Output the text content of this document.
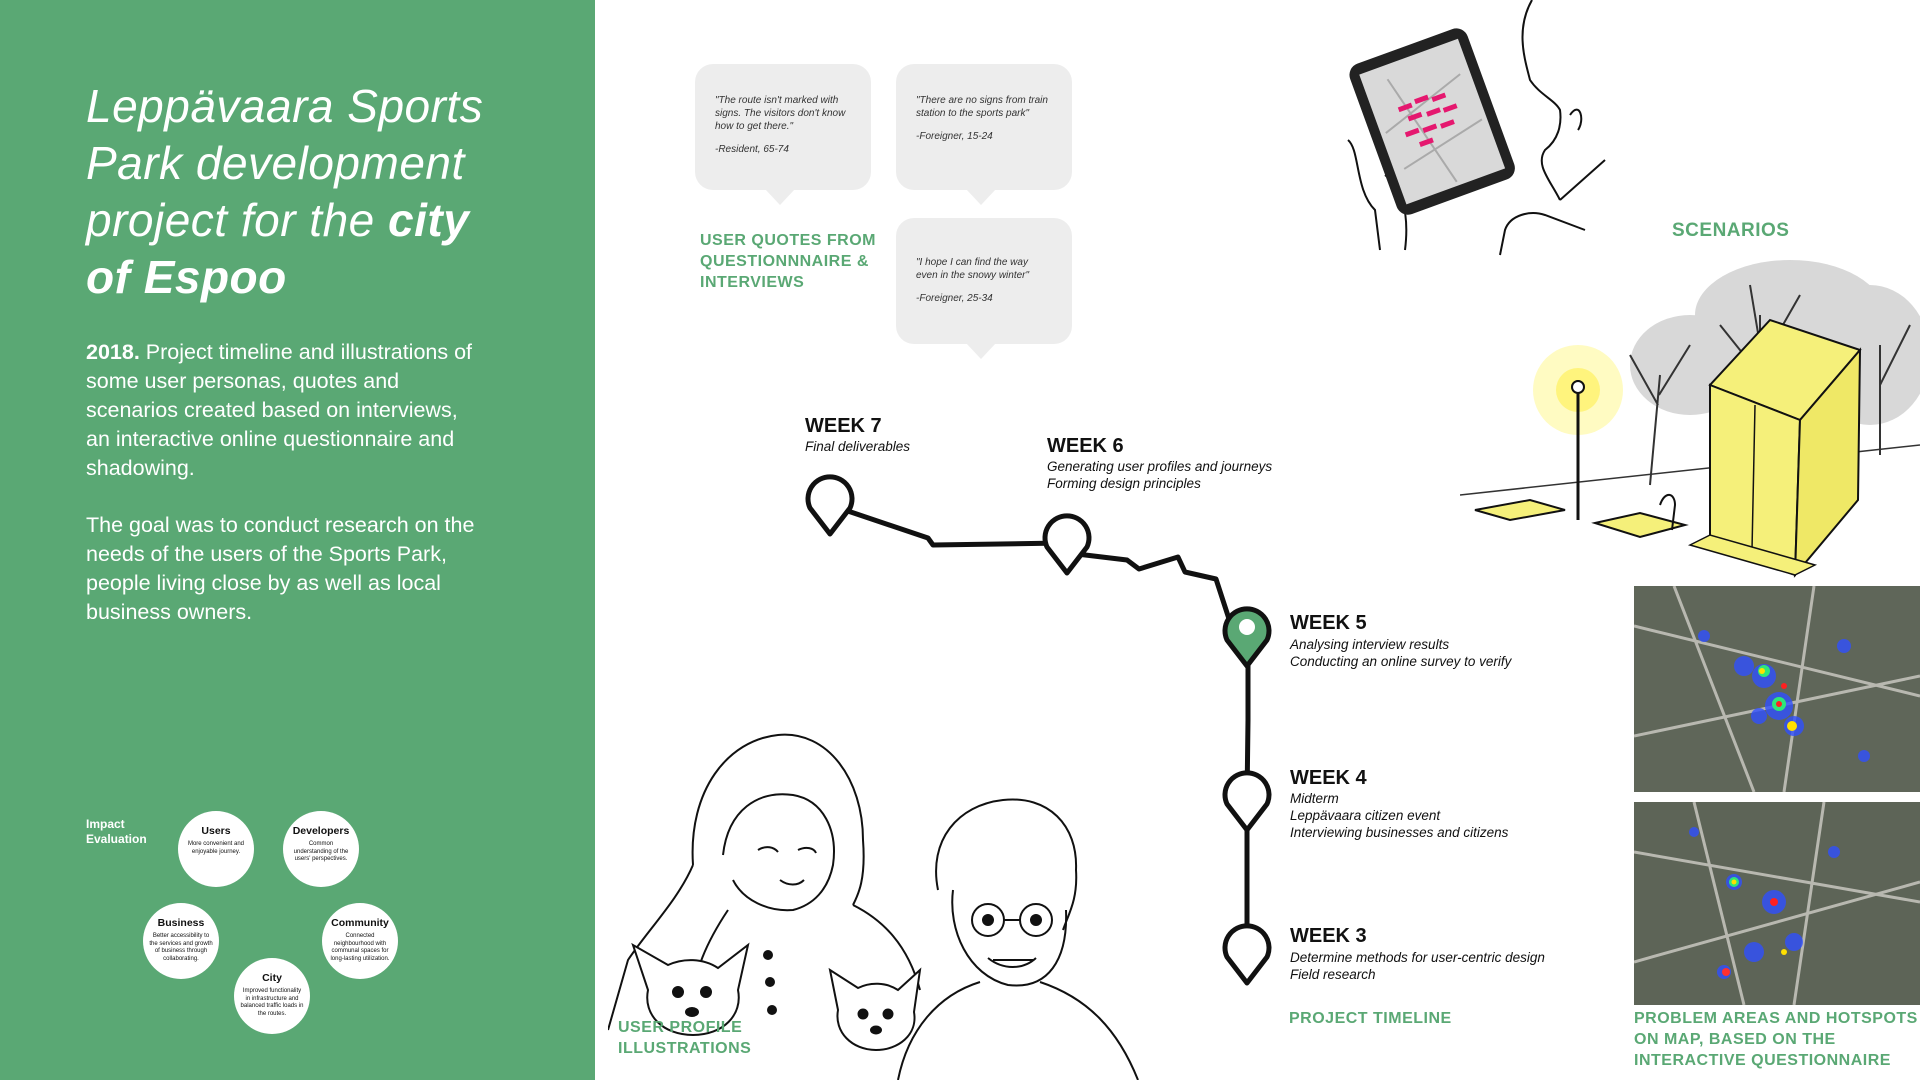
Leppävaara Sports
Park development
project for the city
of Espoo

2018. Project timeline and illustrations of some user personas, quotes and scenarios created based on interviews, an interactive online questionnaire and shadowing.

The goal was to conduct research on the needs of the users of the Sports Park, people living close by as well as local business owners.

Impact
Evaluation
Users
More convenient and enjoyable journey.
Developers
Common understanding of the users' perspectives.
Business
Better accessibility to the services and growth of business through collaborating.
Community
Connected neighbourhood with communal spaces for long-lasting utilization.
City
Improved functionality in infrastructure and balanced traffic loads in the routes.
"The route isn't marked with signs. The visitors don't know how to get there."
-Resident, 65-74
"There are no signs from train station to the sports park"
-Foreigner, 15-24
"I hope I can find the way even in the snowy winter"
-Foreigner, 25-34
USER QUOTES FROM
QUESTIONNNAIRE &
INTERVIEWS
SCENARIOS
PROBLEM AREAS AND HOTSPOTS
ON MAP, BASED ON THE
INTERACTIVE QUESTIONNAIRE
WEEK 7
Final deliverables	WEEK 6
Generating user profiles and journeys
Forming design principles
WEEK 5
Analysing interview results
Conducting an online survey to verify
WEEK 4
Midterm
Leppävaara citizen event
Interviewing businesses and citizens
WEEK 3
Determine methods for user-centric design
Field research
PROJECT TIMELINE
USER PROFILE
ILLUSTRATIONS
